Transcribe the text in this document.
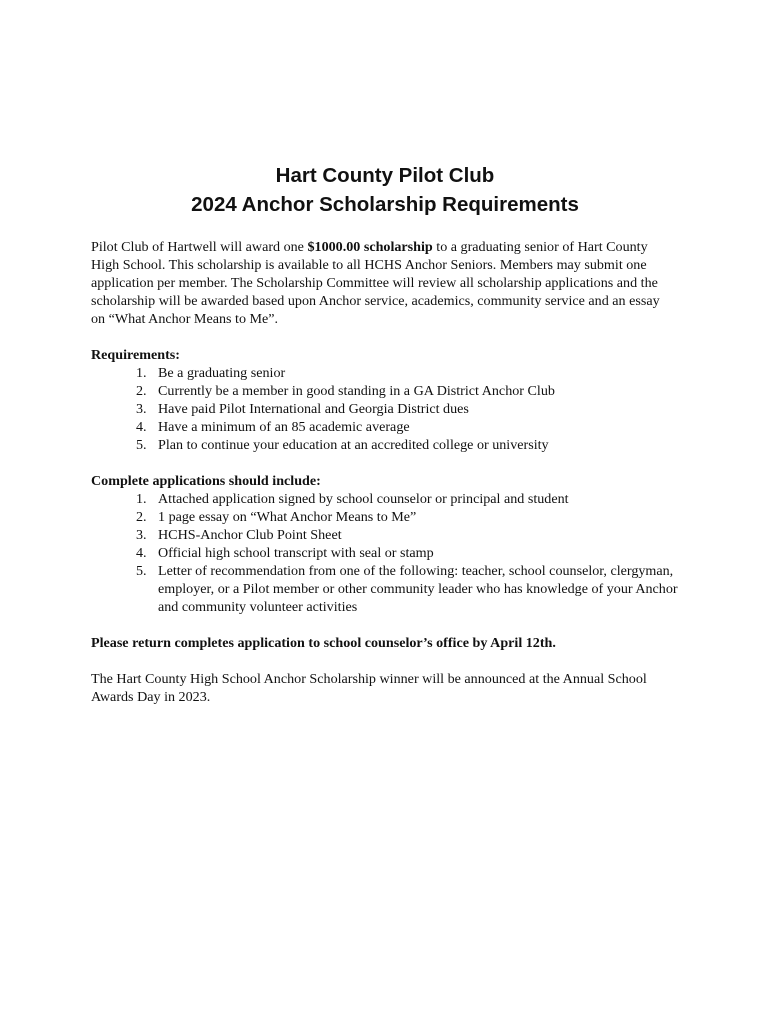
Hart County Pilot Club
2024 Anchor Scholarship Requirements

Pilot Club of Hartwell will award one $1000.00 scholarship to a graduating senior of Hart County High School. This scholarship is available to all HCHS Anchor Seniors. Members may submit one application per member. The Scholarship Committee will review all scholarship applications and the scholarship will be awarded based upon Anchor service, academics, community service and an essay on “What Anchor Means to Me”.

Requirements:
1. Be a graduating senior
2. Currently be a member in good standing in a GA District Anchor Club
3. Have paid Pilot International and Georgia District dues
4. Have a minimum of an 85 academic average
5. Plan to continue your education at an accredited college or university
Complete applications should include:
1. Attached application signed by school counselor or principal and student
2. 1 page essay on “What Anchor Means to Me”
3. HCHS-Anchor Club Point Sheet
4. Official high school transcript with seal or stamp
5. Letter of recommendation from one of the following: teacher, school counselor, clergyman, employer, or a Pilot member or other community leader who has knowledge of your Anchor and community volunteer activities

Please return completes application to school counselor’s office by April 12th.

The Hart County High School Anchor Scholarship winner will be announced at the Annual School Awards Day in 2023.
